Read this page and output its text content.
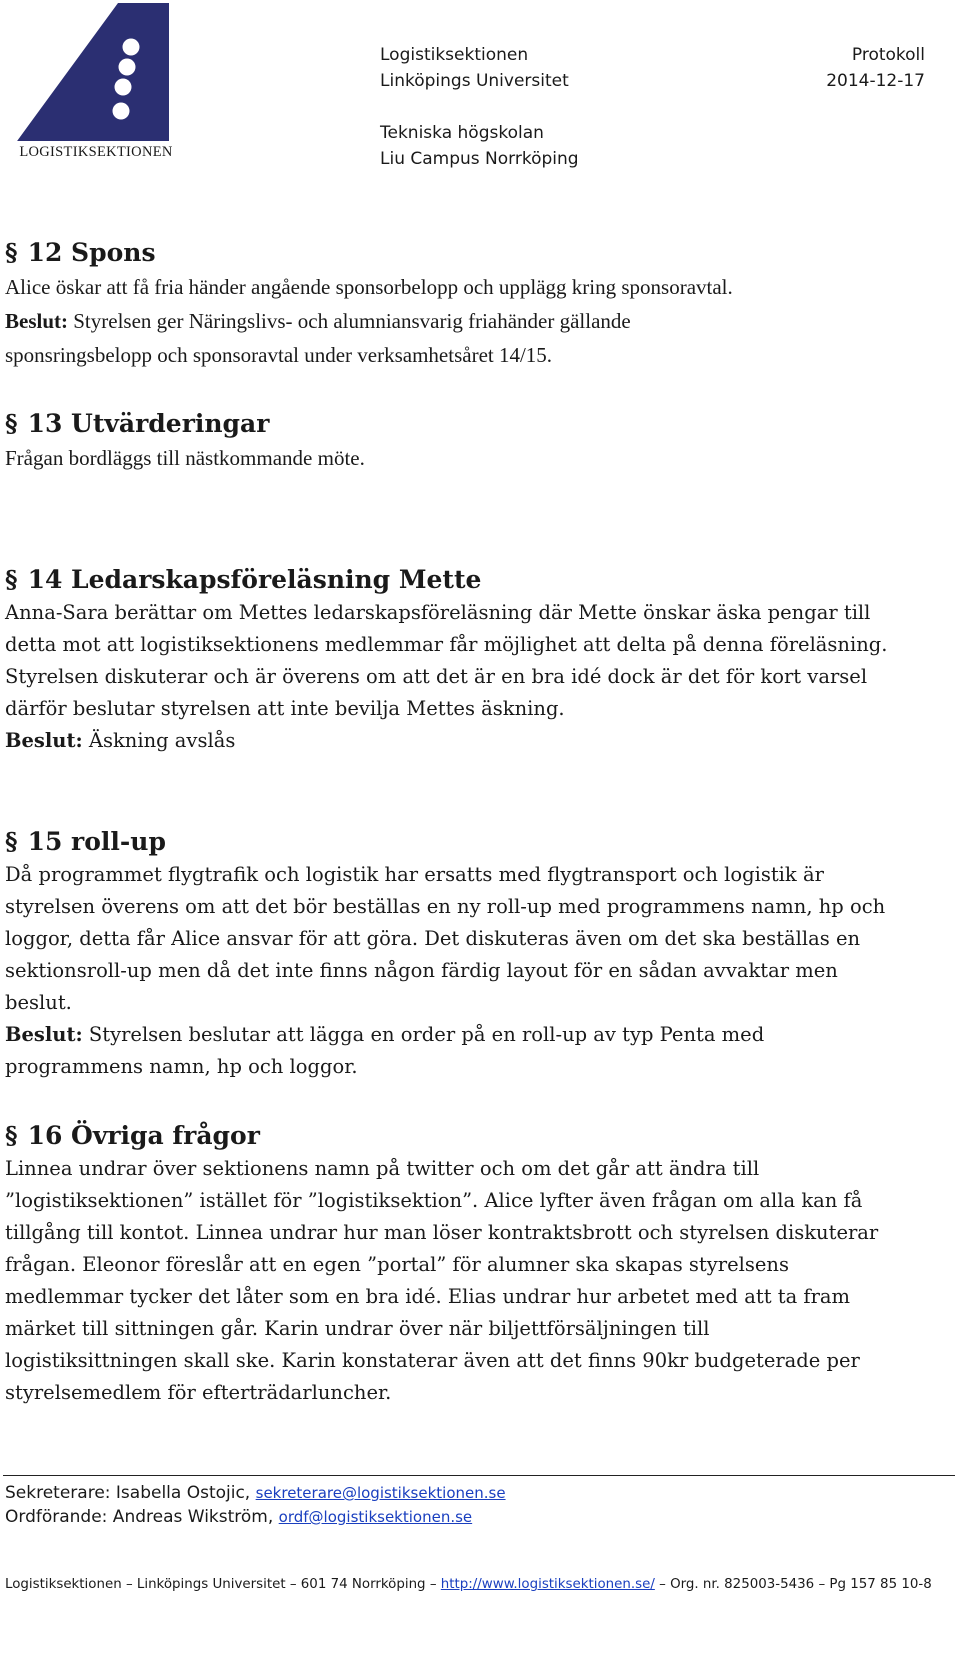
LOGISTIKSEKTIONEN
Logistiksektionen
Linköpings Universitet
Tekniska högskolan
Liu Campus Norrköping
Protokoll
2014-12-17
§ 12 Spons

Alice öskar att få fria händer angående sponsorbelopp och upplägg kring sponsoravtal.

Beslut: Styrelsen ger Näringslivs- och alumniansvarig friahänder gällande

sponsringsbelopp och sponsoravtal under verksamhetsåret 14/15.

§ 13 Utvärderingar

Frågan bordläggs till nästkommande möte.

§ 14 Ledarskapsföreläsning Mette

Anna-Sara berättar om Mettes ledarskapsföreläsning där Mette önskar äska pengar till

detta mot att logistiksektionens medlemmar får möjlighet att delta på denna föreläsning.

Styrelsen diskuterar och är överens om att det är en bra idé dock är det för kort varsel

därför beslutar styrelsen att inte bevilja Mettes äskning.

Beslut: Äskning avslås

§ 15 roll-up

Då programmet flygtrafik och logistik har ersatts med flygtransport och logistik är

styrelsen överens om att det bör beställas en ny roll-up med programmens namn, hp och

loggor, detta får Alice ansvar för att göra. Det diskuteras även om det ska beställas en

sektionsroll-up men då det inte finns någon färdig layout för en sådan avvaktar men

beslut.

Beslut: Styrelsen beslutar att lägga en order på en roll-up av typ Penta med

programmens namn, hp och loggor.

§ 16 Övriga frågor

Linnea undrar över sektionens namn på twitter och om det går att ändra till

”logistiksektionen” istället för ”logistiksektion”. Alice lyfter även frågan om alla kan få

tillgång till kontot. Linnea undrar hur man löser kontraktsbrott och styrelsen diskuterar

frågan. Eleonor föreslår att en egen ”portal” för alumner ska skapas styrelsens

medlemmar tycker det låter som en bra idé. Elias undrar hur arbetet med att ta fram

märket till sittningen går. Karin undrar över när biljettförsäljningen till

logistiksittningen skall ske. Karin konstaterar även att det finns 90kr budgeterade per

styrelsemedlem för efterträdarluncher.

Sekreterare: Isabella Ostojic, sekreterare@logistiksektionen.se
Ordförande: Andreas Wikström, ordf@logistiksektionen.se
Logistiksektionen – Linköpings Universitet – 601 74 Norrköping – http://www.logistiksektionen.se/ – Org. nr. 825003-5436 – Pg 157 85 10-8
